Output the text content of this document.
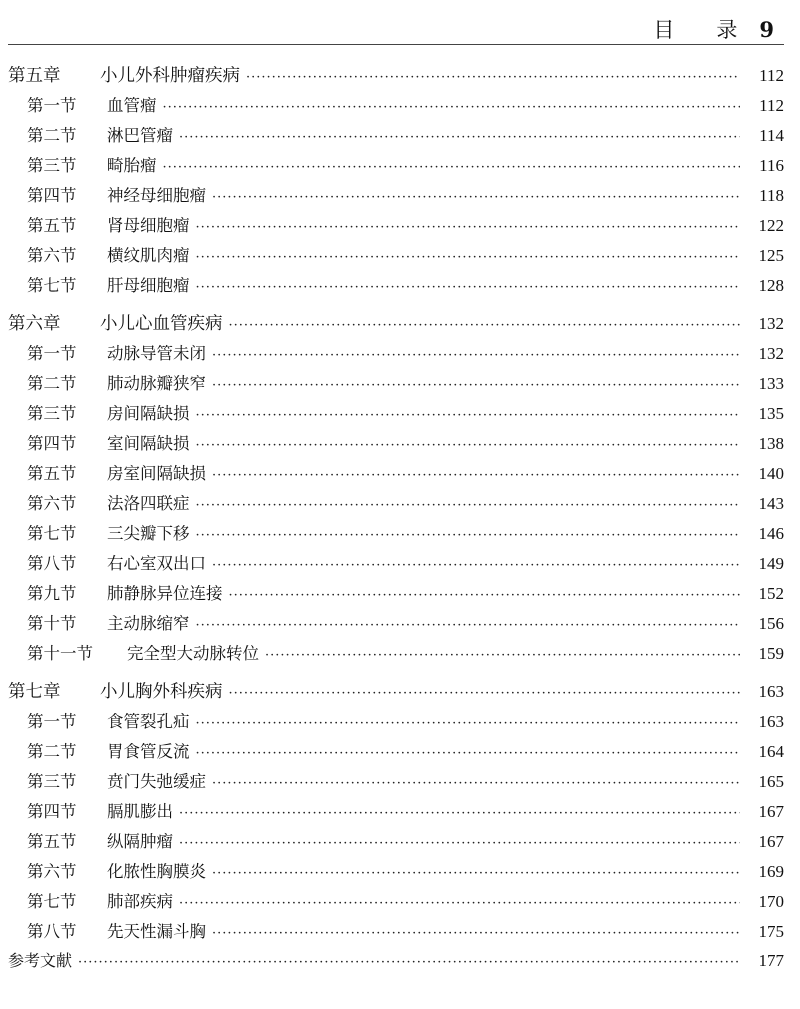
目 录 9
第五章	小儿外科肿瘤疾病 ·····	112
第一节	血管瘤 ·····	112
第二节	淋巴管瘤 ·····	114
第三节	畸胎瘤 ·····	116
第四节	神经母细胞瘤 ·····	118
第五节	肾母细胞瘤 ·····	122
第六节	横纹肌肉瘤 ·····	125
第七节	肝母细胞瘤 ·····	128
第六章	小儿心血管疾病 ·····	132
第一节	动脉导管未闭 ·····	132
第二节	肺动脉瓣狭窄 ·····	133
第三节	房间隔缺损 ·····	135
第四节	室间隔缺损 ·····	138
第五节	房室间隔缺损 ·····	140
第六节	法洛四联症 ·····	143
第七节	三尖瓣下移 ·····	146
第八节	右心室双出口 ·····	149
第九节	肺静脉异位连接 ·····	152
第十节	主动脉缩窄 ·····	156
第十一节	完全型大动脉转位 ·····	159
第七章	小儿胸外科疾病 ·····	163
第一节	食管裂孔疝 ·····	163
第二节	胃食管反流 ·····	164
第三节	贲门失弛缓症 ·····	165
第四节	膈肌膨出 ·····	167
第五节	纵隔肿瘤 ·····	167
第六节	化脓性胸膜炎 ·····	169
第七节	肺部疾病 ·····	170
第八节	先天性漏斗胸 ·····	175
参考文献 ·····	177
